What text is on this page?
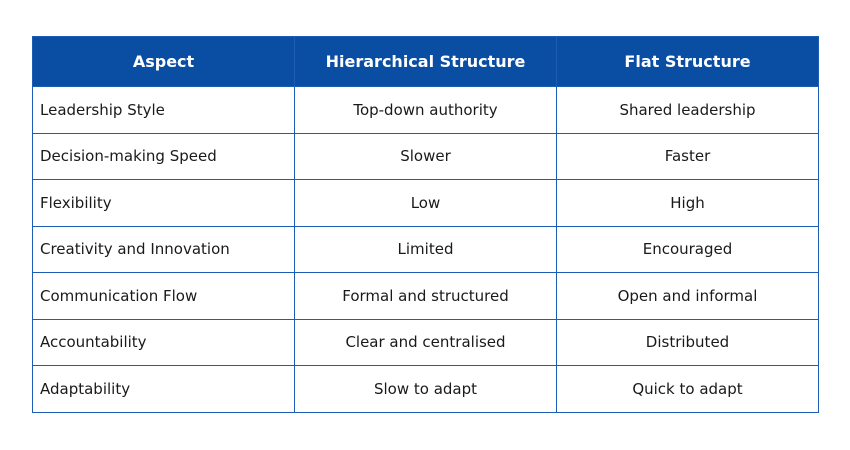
Aspect	Hierarchical Structure	Flat Structure
Leadership Style	Top-down authority	Shared leadership
Decision-making Speed	Slower	Faster
Flexibility	Low	High
Creativity and Innovation	Limited	Encouraged
Communication Flow	Formal and structured	Open and informal
Accountability	Clear and centralised	Distributed
Adaptability	Slow to adapt	Quick to adapt
